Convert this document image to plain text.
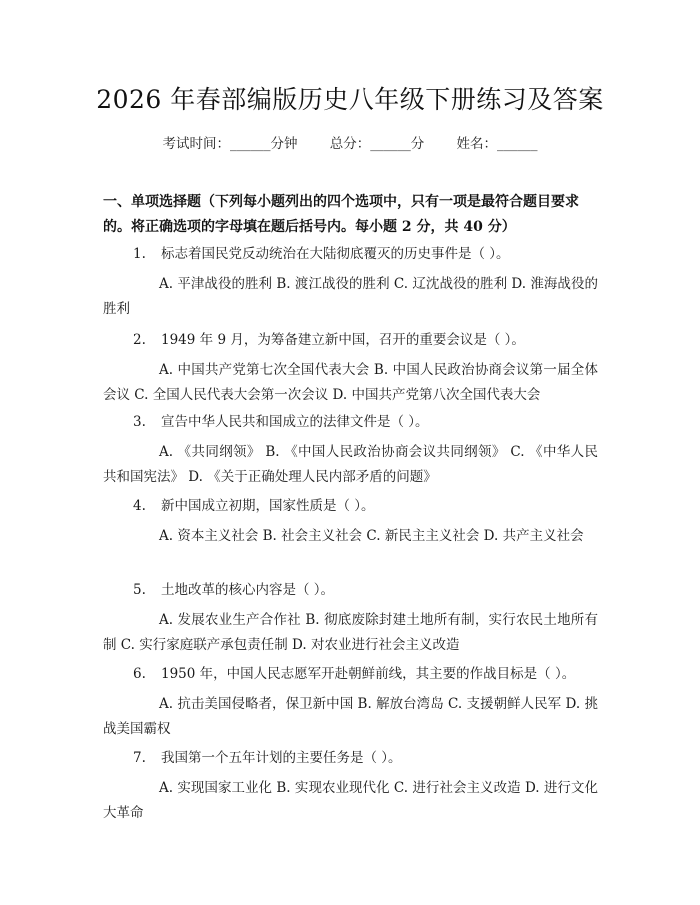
2026 年春部编版历史八年级下册练习及答案
考试时间：______分钟 总分：______分 姓名：______
一、单项选择题（下列每小题列出的四个选项中，只有一项是最符合题目要求的。将正确选项的字母填在题后括号内。每小题 2 分，共 40 分）
1. 标志着国民党反动统治在大陆彻底覆灭的历史事件是（ ）。
A. 平津战役的胜利 B. 渡江战役的胜利 C. 辽沈战役的胜利 D. 淮海战役的胜利
2. 1949 年 9 月，为筹备建立新中国，召开的重要会议是（ ）。
A. 中国共产党第七次全国代表大会 B. 中国人民政治协商会议第一届全体会议 C. 全国人民代表大会第一次会议 D. 中国共产党第八次全国代表大会
3. 宣告中华人民共和国成立的法律文件是（ ）。
A. 《共同纲领》 B. 《中国人民政治协商会议共同纲领》 C. 《中华人民共和国宪法》 D. 《关于正确处理人民内部矛盾的问题》
4. 新中国成立初期，国家性质是（ ）。
A. 资本主义社会 B. 社会主义社会 C. 新民主主义社会 D. 共产主义社会
5. 土地改革的核心内容是（ ）。
A. 发展农业生产合作社 B. 彻底废除封建土地所有制，实行农民土地所有制 C. 实行家庭联产承包责任制 D. 对农业进行社会主义改造
6. 1950 年，中国人民志愿军开赴朝鲜前线，其主要的作战目标是（ ）。
A. 抗击美国侵略者，保卫新中国 B. 解放台湾岛 C. 支援朝鲜人民军 D. 挑战美国霸权
7. 我国第一个五年计划的主要任务是（ ）。
A. 实现国家工业化 B. 实现农业现代化 C. 进行社会主义改造 D. 进行文化大革命
